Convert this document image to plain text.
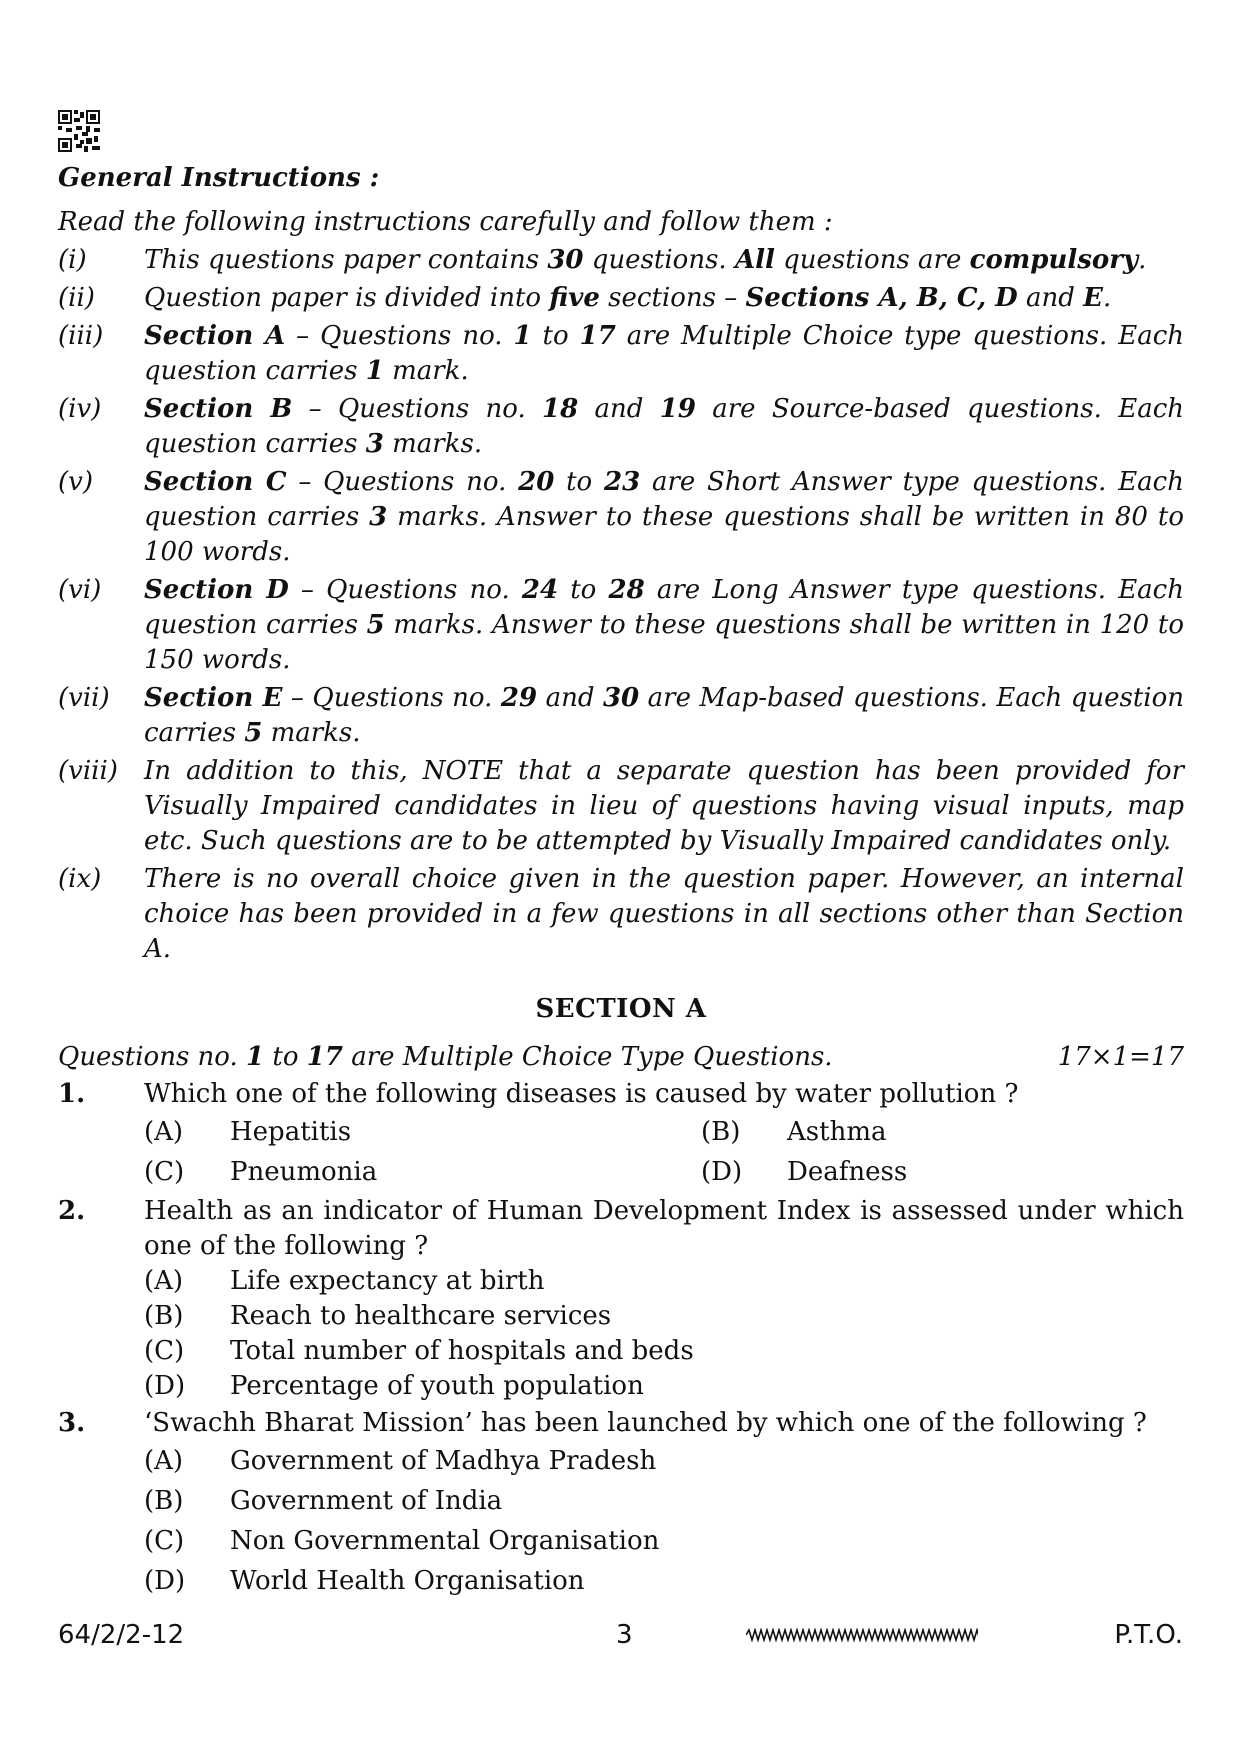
General Instructions :
Read the following instructions carefully and follow them :
(i)	This questions paper contains 30 questions. All questions are compulsory.
(ii)	Question paper is divided into five sections – Sections A, B, C, D and E.
(iii)	Section A – Questions no. 1 to 17 are Multiple Choice type questions. Each question carries 1 mark.
(iv)	Section B – Questions no. 18 and 19 are Source-based questions. Each question carries 3 marks.
(v)	Section C – Questions no. 20 to 23 are Short Answer type questions. Each question carries 3 marks. Answer to these questions shall be written in 80 to 100 words.
(vi)	Section D – Questions no. 24 to 28 are Long Answer type questions. Each question carries 5 marks. Answer to these questions shall be written in 120 to 150 words.
(vii)	Section E – Questions no. 29 and 30 are Map-based questions. Each question carries 5 marks.
(viii)	In addition to this, NOTE that a separate question has been provided for Visually Impaired candidates in lieu of questions having visual inputs, map etc. Such questions are to be attempted by Visually Impaired candidates only.
(ix)	There is no overall choice given in the question paper. However, an internal choice has been provided in a few questions in all sections other than Section A.
SECTION A
Questions no. 1 to 17 are Multiple Choice Type Questions.	17×1=17
1.	Which one of the following diseases is caused by water pollution ?
(A)	Hepatitis	(B)	Asthma
(C)	Pneumonia	(D)	Deafness
2.	Health as an indicator of Human Development Index is assessed under which one of the following ?
(A)	Life expectancy at birth
(B)	Reach to healthcare services
(C)	Total number of hospitals and beds
(D)	Percentage of youth population
3.	‘Swachh Bharat Mission’ has been launched by which one of the following ?
(A)	Government of Madhya Pradesh
(B)	Government of India
(C)	Non Governmental Organisation
(D)	World Health Organisation
64/2/2-12	3	P.T.O.
